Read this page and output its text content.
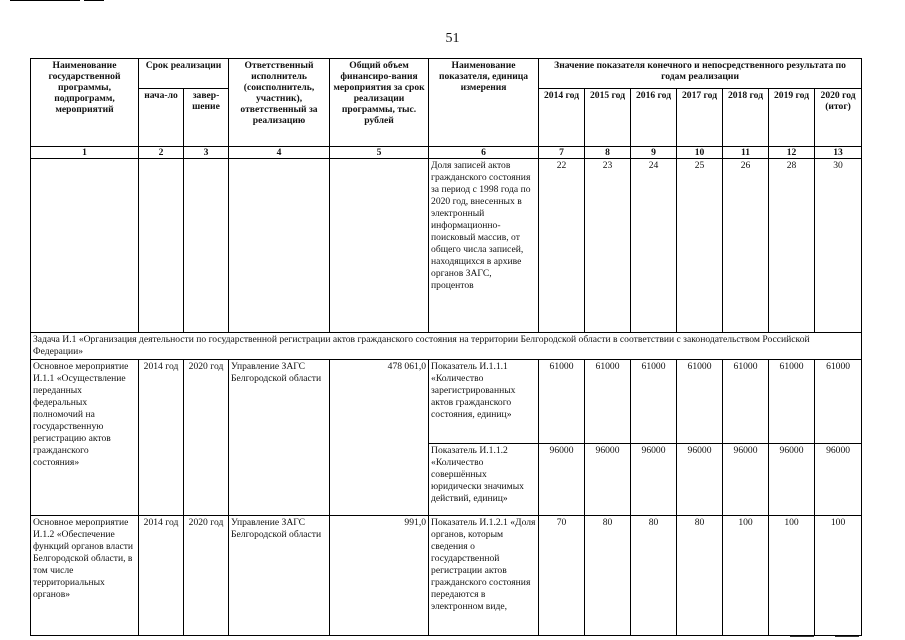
51
Наименование государственной программы, подпрограмм, мероприятий	Срок реализации		Ответственный исполнитель (соисполнитель, участник), ответственный за реализацию	Общий объем финансиро-вания мероприятия за срок реализации программы, тыс. рублей	Наименование показателя, единица измерения	Значение показателя конечного и непосредственного результата по годам реализации						
	нача-ло	завер-шение				2014 год	2015 год	2016 год	2017 год	2018 год	2019 год	2020 год (итог)
1	2	3	4	5	6	7	8	9	10	11	12	13
					Доля записей актов гражданского состояния за период с 1998 года по 2020 год, внесенных в электронный информационно-поисковый массив, от общего числа записей, находящихся в архиве органов ЗАГС, процентов	22	23	24	25	26	28	30
Задача И.1 «Организация деятельности по государственной регистрации актов гражданского состояния на территории Белгородской области в соответствии с законодательством Российской Федерации»												
Основное мероприятие И.1.1 «Осуществление переданных федеральных полномочий на государственную регистрацию актов гражданского состояния»	2014 год	2020 год	Управление ЗАГС Белгородской области	478 061,0	Показатель И.1.1.1 «Количество зарегистрированных актов гражданского состояния, единиц»	61000	61000	61000	61000	61000	61000	61000
					Показатель И.1.1.2 «Количество совершённых юридически значимых действий, единиц»	96000	96000	96000	96000	96000	96000	96000
Основное мероприятие И.1.2 «Обеспечение функций органов власти Белгородской области, в том числе территориальных органов»	2014 год	2020 год	Управление ЗАГС Белгородской области	991,0	Показатель И.1.2.1 «Доля органов, которым сведения о государственной регистрации актов гражданского состояния передаются в электронном виде,	70	80	80	80	100	100	100
